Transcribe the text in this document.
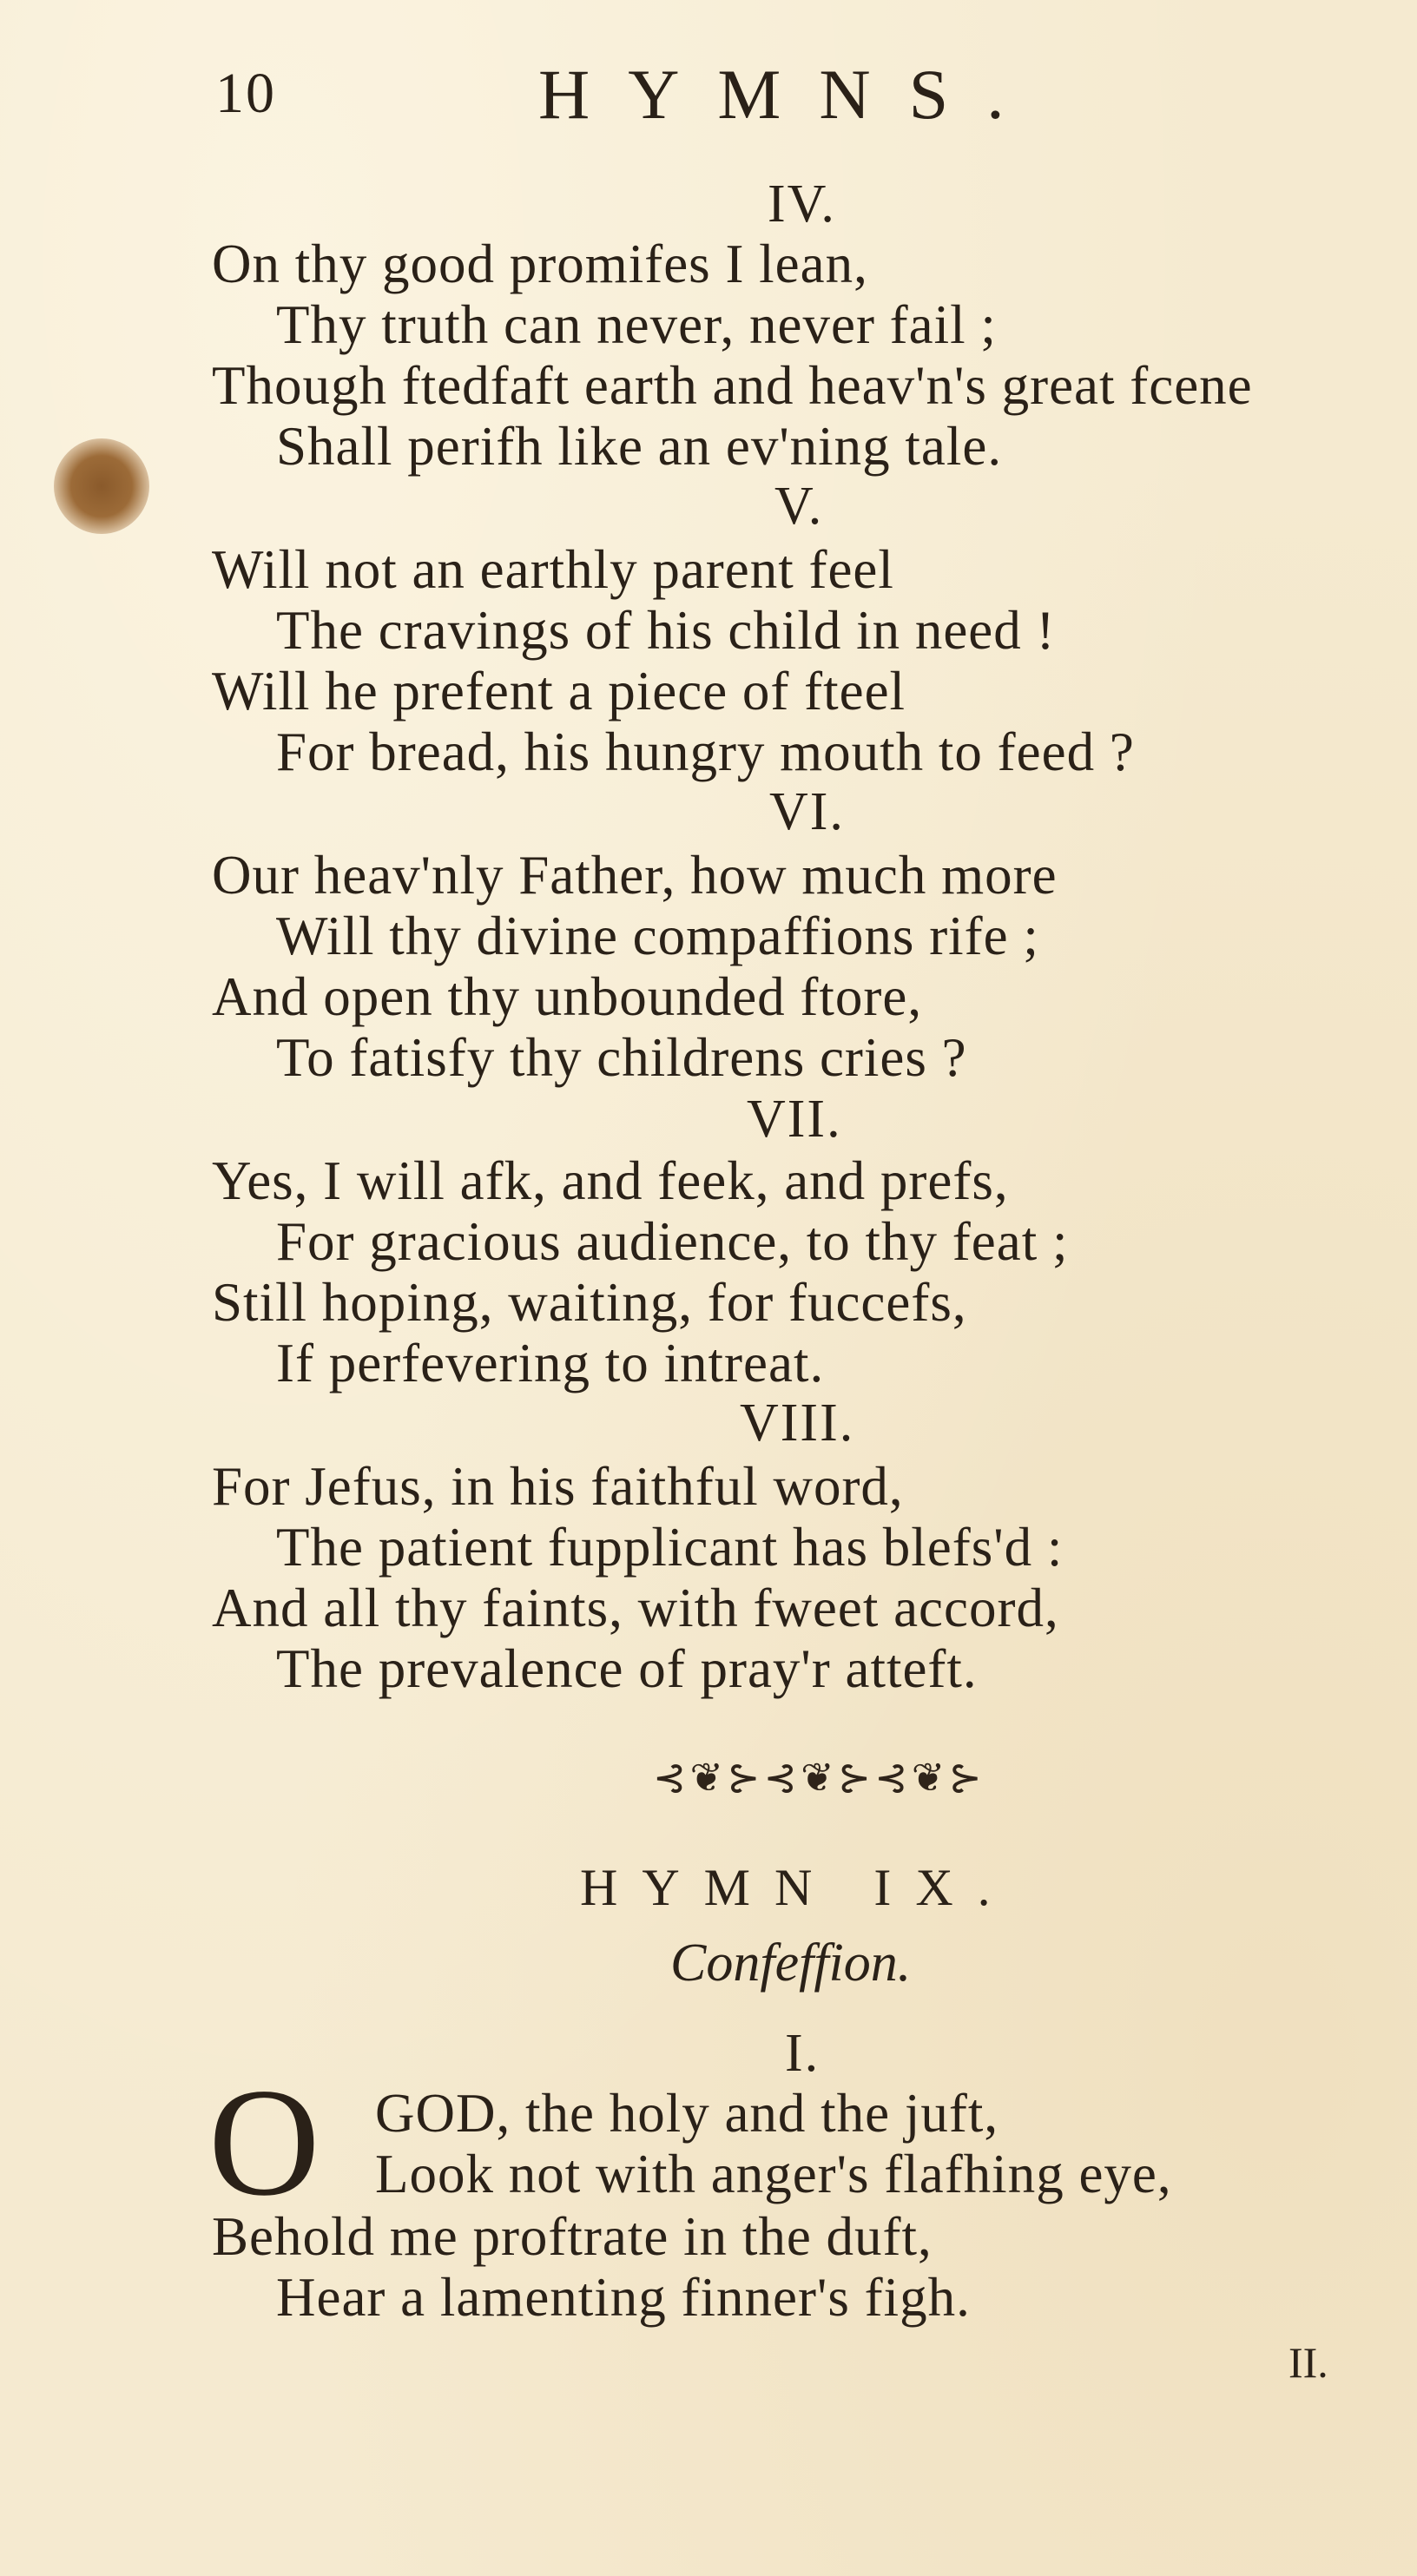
10	HYMNS.
IV.
On thy good promifes I lean,
Thy truth can never, never fail ;
Though ftedfaft earth and heav'n's great fcene
Shall perifh like an ev'ning tale.
V.
Will not an earthly parent feel
The cravings of his child in need !
Will he prefent a piece of fteel
For bread, his hungry mouth to feed ?
VI.
Our heav'nly Father, how much more
Will thy divine compaffions rife ;
And open thy unbounded ftore,
To fatisfy thy childrens cries ?
VII.
Yes, I will afk, and feek, and prefs,
For gracious audience, to thy feat ;
Still hoping, waiting, for fuccefs,
If perfevering to intreat.
VIII.
For Jefus, in his faithful word,
The patient fupplicant has blefs'd :
And all thy faints, with fweet accord,
The prevalence of pray'r atteft.
⊰❦⊱⊰❦⊱⊰❦⊱
HYMN IX.
Confeffion.
I.
O GOD, the holy and the juft,
Look not with anger's flafhing eye,
Behold me proftrate in the duft,
Hear a lamenting finner's figh.
II.
